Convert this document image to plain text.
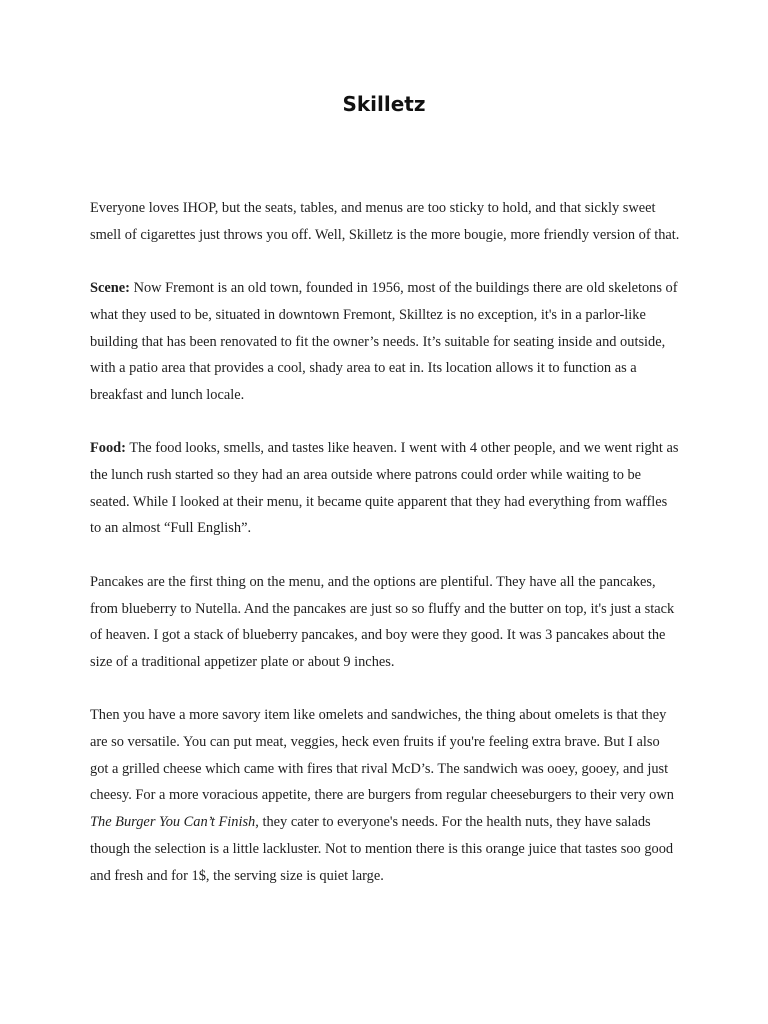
Skilletz

Everyone loves IHOP, but the seats, tables, and menus are too sticky to hold, and that sickly sweet smell of cigarettes just throws you off. Well, Skilletz is the more bougie, more friendly version of that.

Scene: Now Fremont is an old town, founded in 1956, most of the buildings there are old skeletons of what they used to be, situated in downtown Fremont, Skilltez is no exception, it's in a parlor-like building that has been renovated to fit the owner’s needs. It’s suitable for seating inside and outside, with a patio area that provides a cool, shady area to eat in. Its location allows it to function as a breakfast and lunch locale.

Food: The food looks, smells, and tastes like heaven. I went with 4 other people, and we went right as the lunch rush started so they had an area outside where patrons could order while waiting to be seated. While I looked at their menu, it became quite apparent that they had everything from waffles to an almost “Full English”.

Pancakes are the first thing on the menu, and the options are plentiful. They have all the pancakes, from blueberry to Nutella. And the pancakes are just so so fluffy and the butter on top, it's just a stack of heaven. I got a stack of blueberry pancakes, and boy were they good. It was 3 pancakes about the size of a traditional appetizer plate or about 9 inches.

Then you have a more savory item like omelets and sandwiches, the thing about omelets is that they are so versatile. You can put meat, veggies, heck even fruits if you're feeling extra brave. But I also got a grilled cheese which came with fires that rival McD’s. The sandwich was ooey, gooey, and just cheesy. For a more voracious appetite, there are burgers from regular cheeseburgers to their very own The Burger You Can’t Finish, they cater to everyone's needs. For the health nuts, they have salads though the selection is a little lackluster. Not to mention there is this orange juice that tastes soo good and fresh and for 1$, the serving size is quiet large.
